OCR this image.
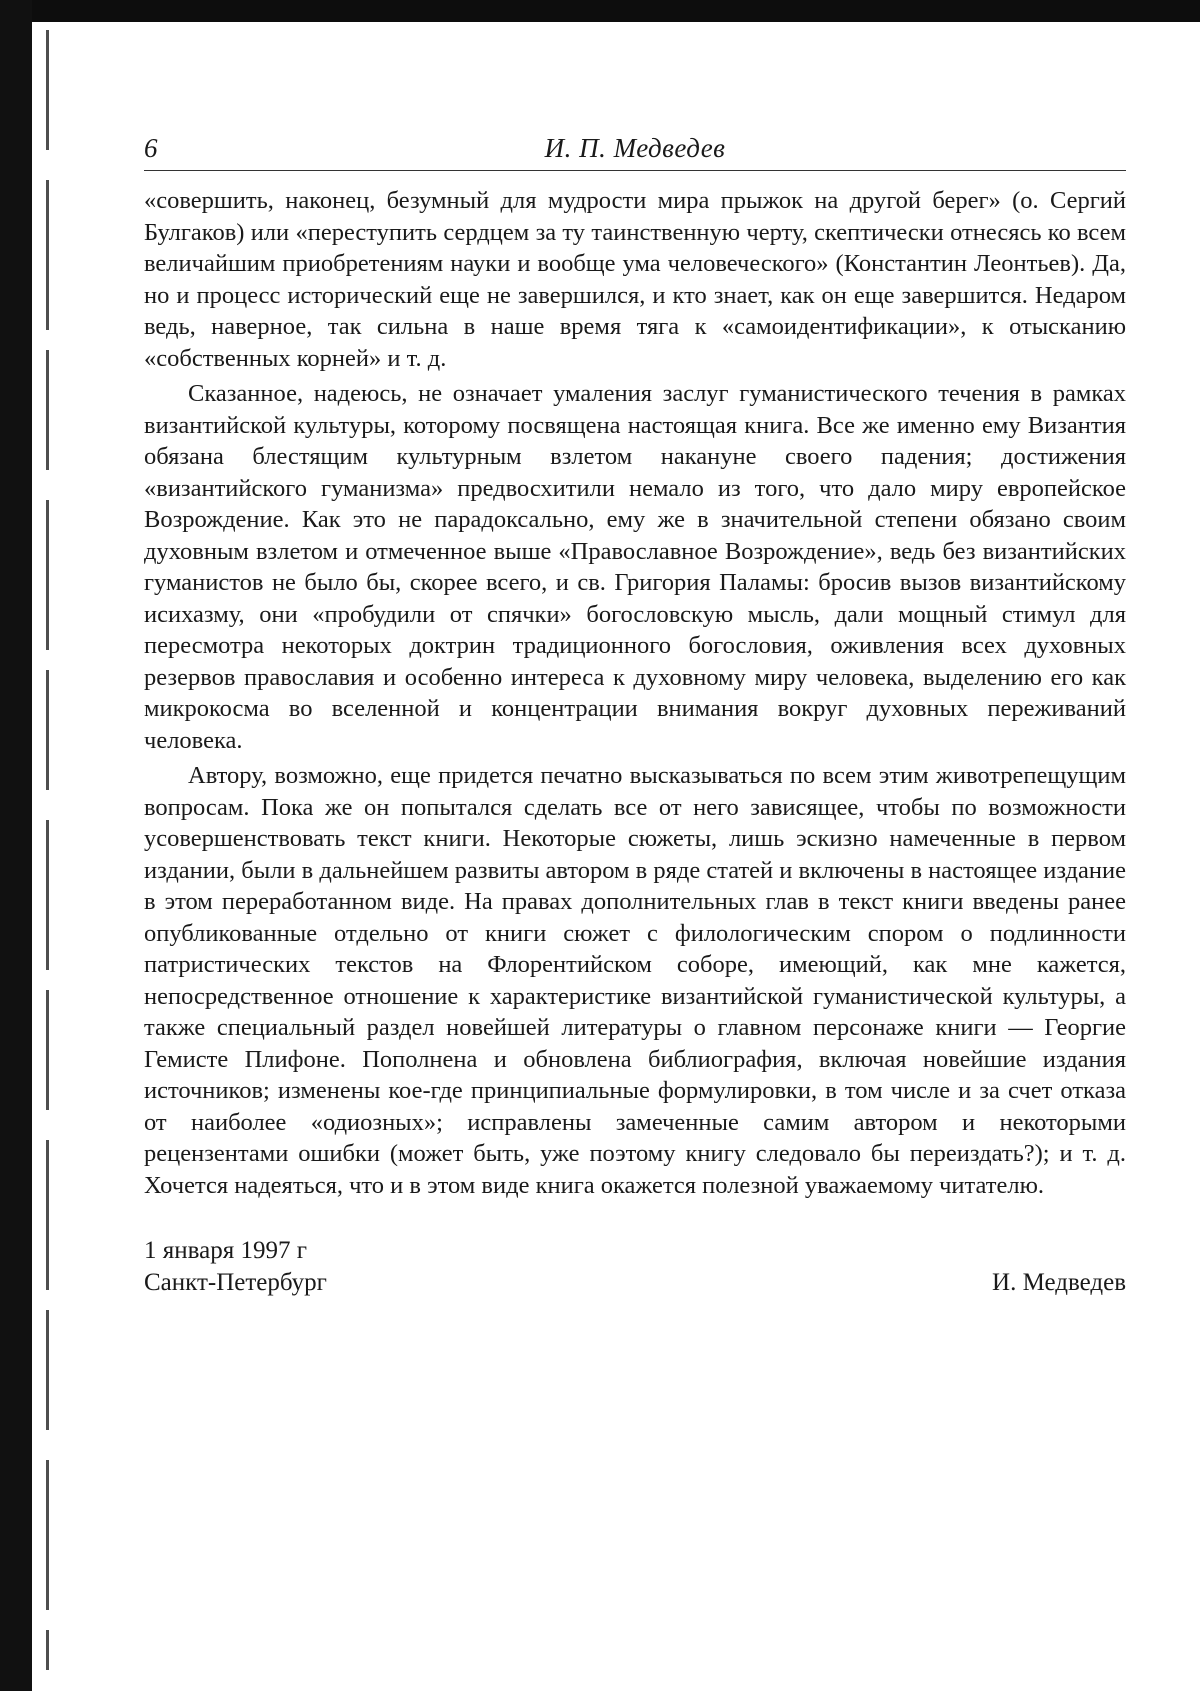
6	И. П. Медведев

«совершить, наконец, безумный для мудрости мира прыжок на другой берег» (о. Сергий Булгаков) или «переступить сердцем за ту таинст­венную черту, скептически отнесясь ко всем величайшим приобрете­ниям науки и вообще ума человеческого» (Константин Леонтьев). Да, но и процесс исторический еще не завершился, и кто знает, как он еще завершится. Недаром ведь, наверное, так сильна в наше время тяга к «самоидентификации», к отысканию «собственных корней» и т. д.

Сказанное, надеюсь, не означает умаления заслуг гуманистического течения в рамках византийской культуры, которому посвящена насто­ящая книга. Все же именно ему Византия обязана блестящим куль­турным взлетом накануне своего падения; достижения «византийского гуманизма» предвосхитили немало из того, что дало миру европейское Возрождение. Как это не парадоксально, ему же в значительной степени обязано своим духовным взлетом и отмеченное выше «Пра­вославное Возрождение», ведь без византийских гуманистов не было бы, скорее всего, и св. Григория Паламы: бросив вызов византийскому исихазму, они «пробудили от спячки» богословскую мысль, дали мощный стимул для пересмотра некоторых доктрин традиционного богословия, оживления всех духовных резервов православия и особенно интереса к духовному миру человека, выделению его как микрокосма во вселенной и концентрации внимания вокруг духовных переживаний человека.

Автору, возможно, еще придется печатно высказываться по всем этим животрепещущим вопросам. Пока же он попытался сделать все от него зависящее, чтобы по возможности усовершенствовать текст книги. Некоторые сюжеты, лишь эскизно намеченные в первом изда­нии, были в дальнейшем развиты автором в ряде статей и включены в настоящее издание в этом переработанном виде. На правах допол­нительных глав в текст книги введены ранее опубликованные отдельно от книги сюжет с филологическим спором о подлинности патристи­ческих текстов на Флорентийском соборе, имеющий, как мне кажется, непосредственное отношение к характеристике византийской гуманис­тической культуры, а также специальный раздел новейшей литературы о главном персонаже книги — Георгие Гемисте Плифоне. Пополнена и обновлена библиография, включая новейшие издания источников; изменены кое-где принципиальные формулировки, в том числе и за счет отказа от наиболее «одиозных»; исправлены замеченные самим автором и некоторыми рецензентами ошибки (может быть, уже поэтому книгу следовало бы переиздать?); и т. д. Хочется надеяться, что и в этом виде книга окажется полезной уважаемому читателю.

1 января 1997 г
Санкт-Петербург	И. Медведев
